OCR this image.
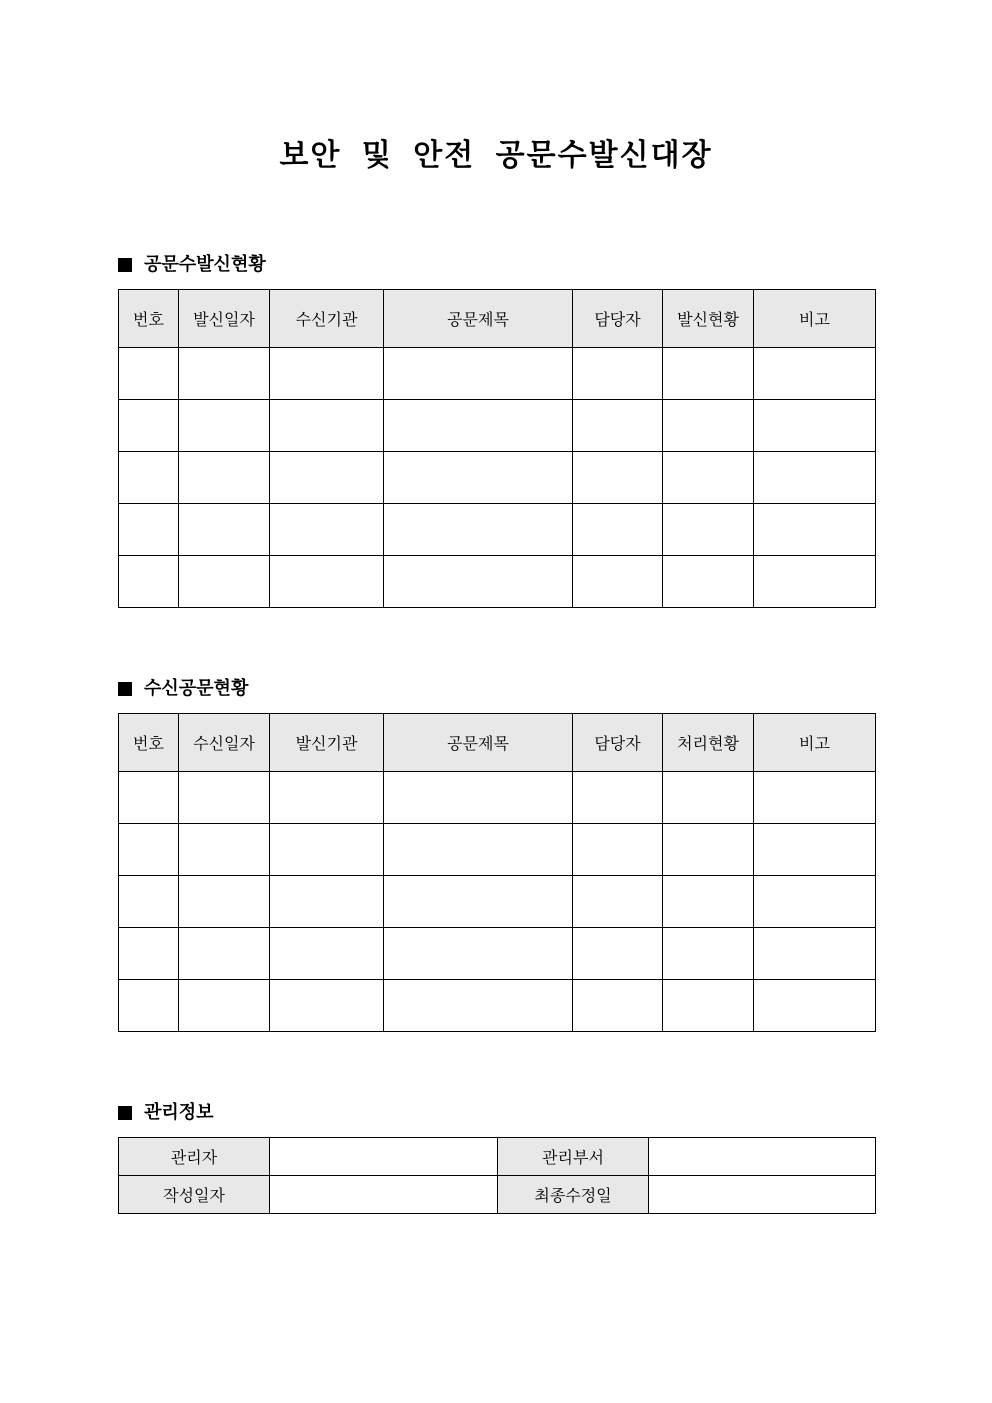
보안 및 안전 공문수발신대장
공문수발신현황
번호	발신일자	수신기관	공문제목	담당자	발신현황	비고

수신공문현황
번호	수신일자	발신기관	공문제목	담당자	처리현황	비고

관리정보
관리자		관리부서	
작성일자		최종수정일	
